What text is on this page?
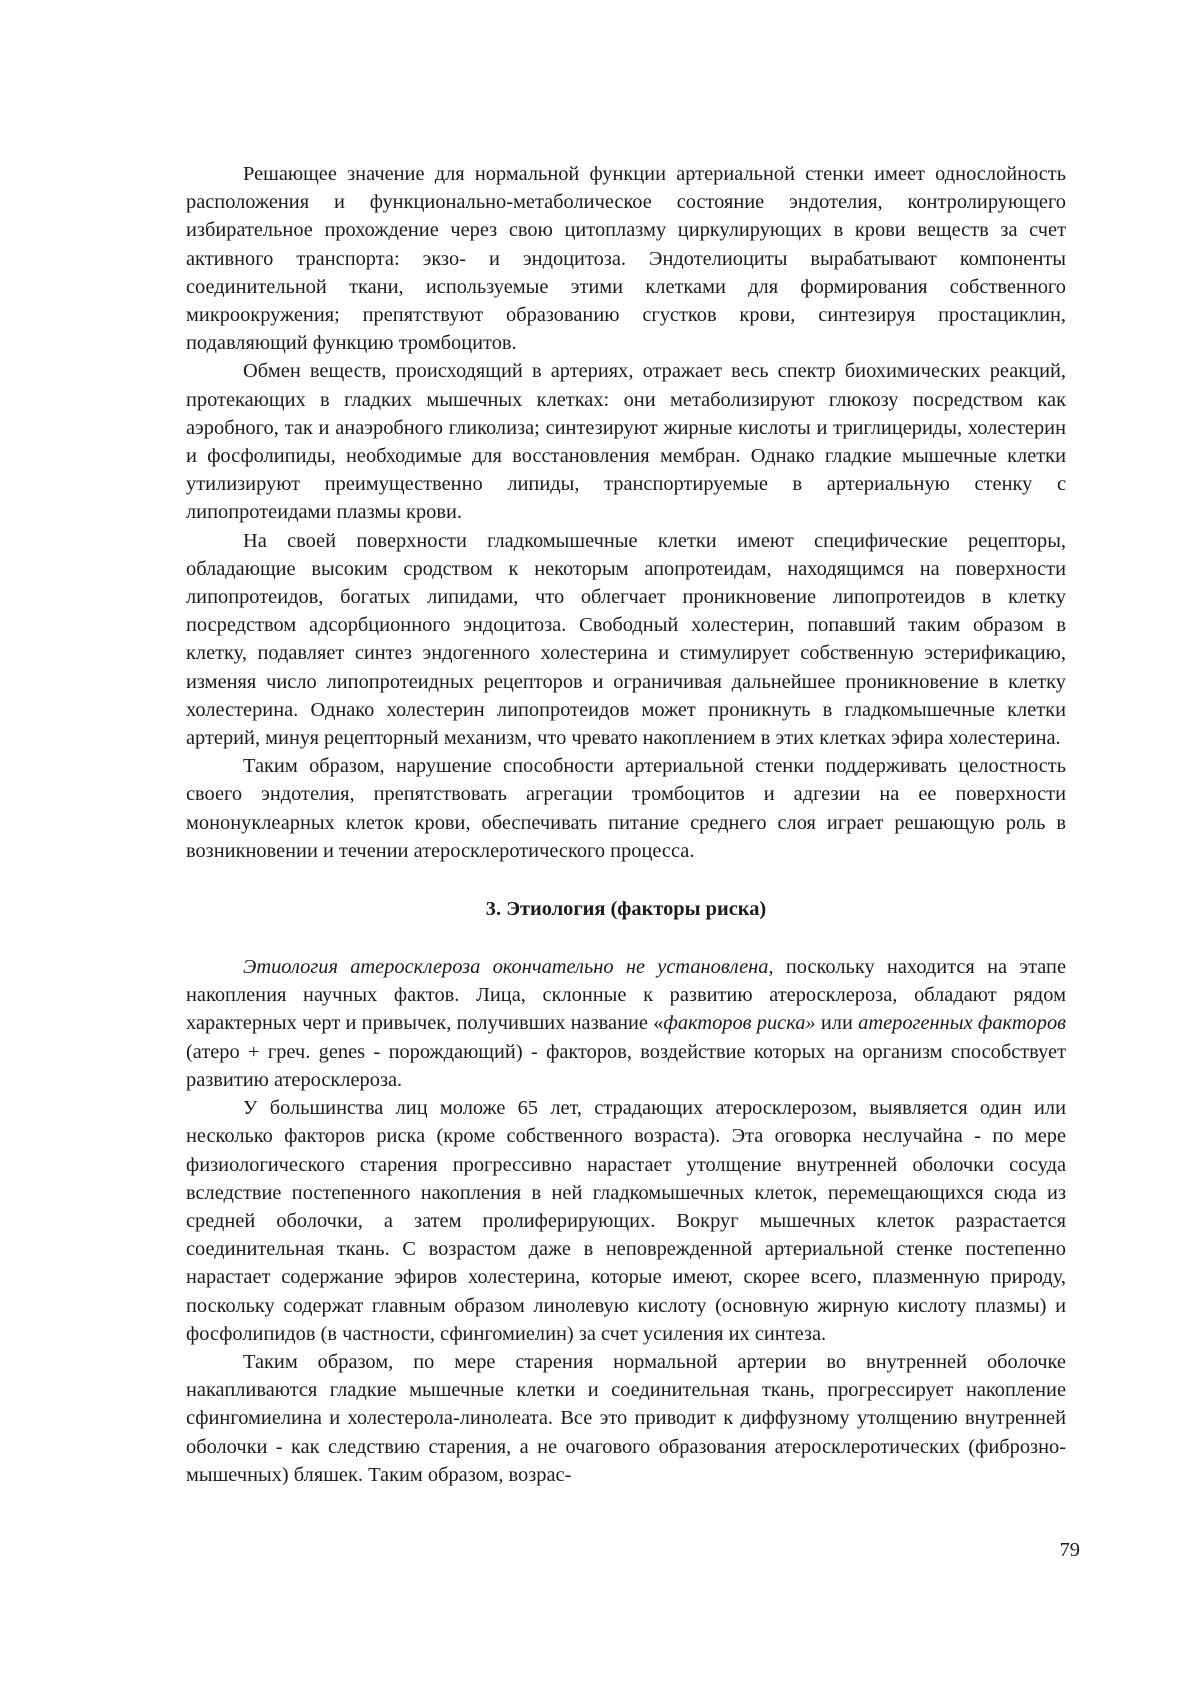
Решающее значение для нормальной функции артериальной стенки имеет однослойность расположения и функционально-метаболическое состояние эндотелия, контролирующего избирательное прохождение через свою цитоплазму циркулирующих в крови веществ за счет активного транспорта: экзо- и эндоцитоза. Эндотелиоциты вырабатывают компоненты соединительной ткани, используемые этими клетками для формирования собственного микроокружения; препятствуют образованию сгустков крови, синтезируя простациклин, подавляющий функцию тромбоцитов.

Обмен веществ, происходящий в артериях, отражает весь спектр биохимических реакций, протекающих в гладких мышечных клетках: они метаболизируют глюкозу посредством как аэробного, так и анаэробного гликолиза; синтезируют жирные кислоты и триглицериды, холестерин и фосфолипиды, необходимые для восстановления мембран. Однако гладкие мышечные клетки утилизируют преимущественно липиды, транспортируемые в артериальную стенку с липопротеидами плазмы крови.

На своей поверхности гладкомышечные клетки имеют специфические рецепторы, обладающие высоким сродством к некоторым апопротеидам, находящимся на поверхности липопротеидов, богатых липидами, что облегчает проникновение липопротеидов в клетку посредством адсорбционного эндоцитоза. Свободный холестерин, попавший таким образом в клетку, подавляет синтез эндогенного холестерина и стимулирует собственную эстерификацию, изменяя число липопротеидных рецепторов и ограничивая дальнейшее проникновение в клетку холестерина. Однако холестерин липопротеидов может проникнуть в гладкомышечные клетки артерий, минуя рецепторный механизм, что чревато накоплением в этих клетках эфира холестерина.

Таким образом, нарушение способности артериальной стенки поддерживать целостность своего эндотелия, препятствовать агрегации тромбоцитов и адгезии на ее поверхности мононуклеарных клеток крови, обеспечивать питание среднего слоя играет решающую роль в возникновении и течении атеросклеротического процесса.

3. Этиология (факторы риска)

Этиология атеросклероза окончательно не установлена, поскольку находится на этапе накопления научных фактов. Лица, склонные к развитию атеросклероза, обладают рядом характерных черт и привычек, получивших название «факторов риска» или атерогенных факторов (атеро + греч. genes - порождающий) - факторов, воздействие которых на организм способствует развитию атеросклероза.

У большинства лиц моложе 65 лет, страдающих атеросклерозом, выявляется один или несколько факторов риска (кроме собственного возраста). Эта оговорка неслучайна - по мере физиологического старения прогрессивно нарастает утолщение внутренней оболочки сосуда вследствие постепенного накопления в ней гладкомышечных клеток, перемещающихся сюда из средней оболочки, а затем пролиферирующих. Вокруг мышечных клеток разрастается соединительная ткань. С возрастом даже в неповрежденной артериальной стенке постепенно нарастает содержание эфиров холестерина, которые имеют, скорее всего, плазменную природу, поскольку содержат главным образом линолевую кислоту (основную жирную кислоту плазмы) и фосфолипидов (в частности, сфингомиелин) за счет усиления их синтеза.

Таким образом, по мере старения нормальной артерии во внутренней оболочке накапливаются гладкие мышечные клетки и соединительная ткань, прогрессирует накопление сфингомиелина и холестерола-линолеата. Все это приводит к диффузному утолщению внутренней оболочки - как следствию старения, а не очагового образования атеросклеротических (фиброзно-мышечных) бляшек. Таким образом, возрас-

79
